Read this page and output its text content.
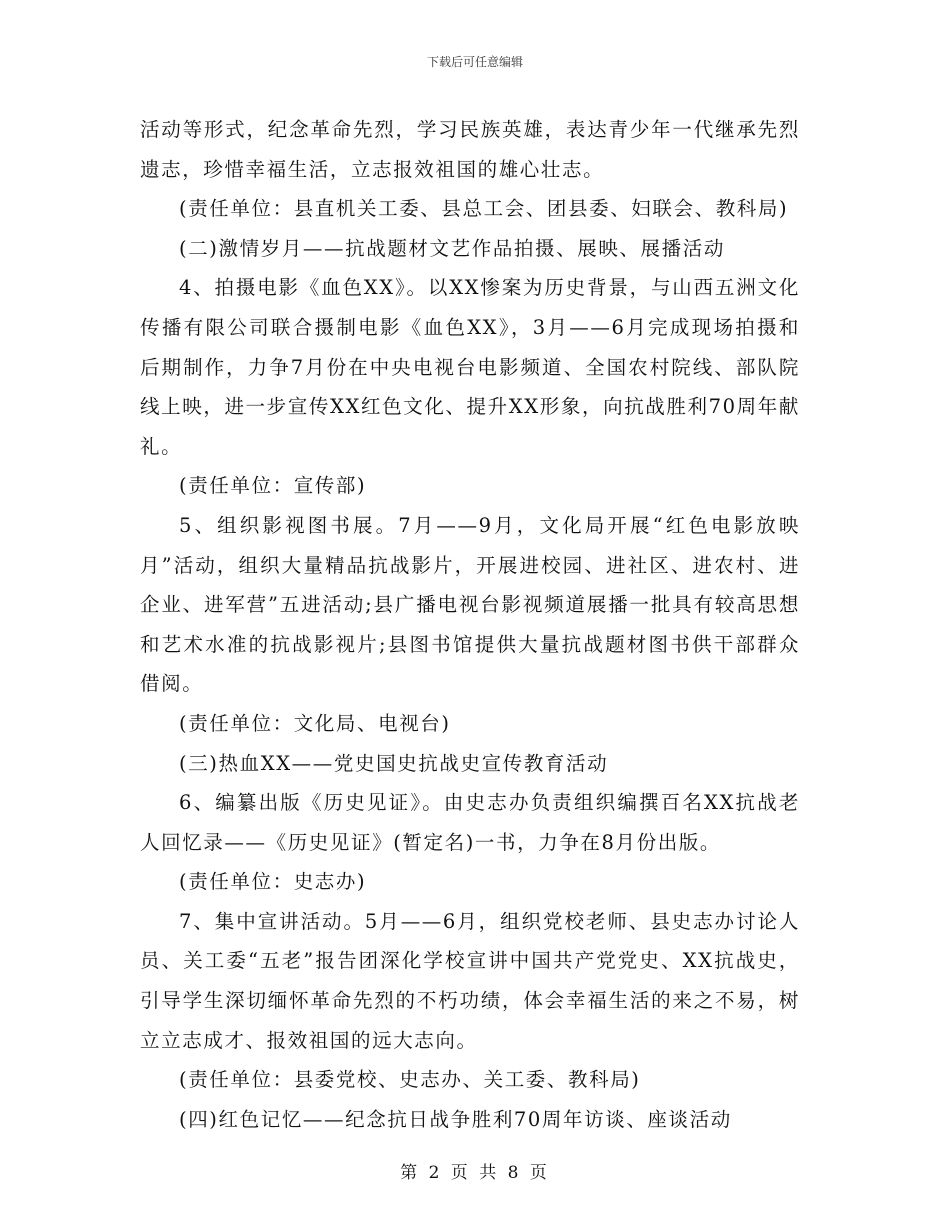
下载后可任意编辑

活动等形式，纪念革命先烈，学习民族英雄，表达青少年一代继承先烈遗志，珍惜幸福生活，立志报效祖国的雄心壮志。

(责任单位：县直机关工委、县总工会、团县委、妇联会、教科局)

(二)激情岁月——抗战题材文艺作品拍摄、展映、展播活动

4、拍摄电影《血色XX》。以XX惨案为历史背景，与山西五洲文化传播有限公司联合摄制电影《血色XX》，3月——6月完成现场拍摄和后期制作，力争7月份在中央电视台电影频道、全国农村院线、部队院线上映，进一步宣传XX红色文化、提升XX形象，向抗战胜利70周年献礼。

(责任单位：宣传部)

5、组织影视图书展。7月——9月，文化局开展“红色电影放映月”活动，组织大量精品抗战影片，开展进校园、进社区、进农村、进企业、进军营”五进活动;县广播电视台影视频道展播一批具有较高思想和艺术水准的抗战影视片;县图书馆提供大量抗战题材图书供干部群众借阅。

(责任单位：文化局、电视台)

(三)热血XX——党史国史抗战史宣传教育活动

6、编纂出版《历史见证》。由史志办负责组织编撰百名XX抗战老人回忆录——《历史见证》(暂定名)一书，力争在8月份出版。

(责任单位：史志办)

7、集中宣讲活动。5月——6月，组织党校老师、县史志办讨论人员、关工委“五老”报告团深化学校宣讲中国共产党党史、XX抗战史，引导学生深切缅怀革命先烈的不朽功绩，体会幸福生活的来之不易，树立立志成才、报效祖国的远大志向。

(责任单位：县委党校、史志办、关工委、教科局)

(四)红色记忆——纪念抗日战争胜利70周年访谈、座谈活动

第 2 页 共 8 页
